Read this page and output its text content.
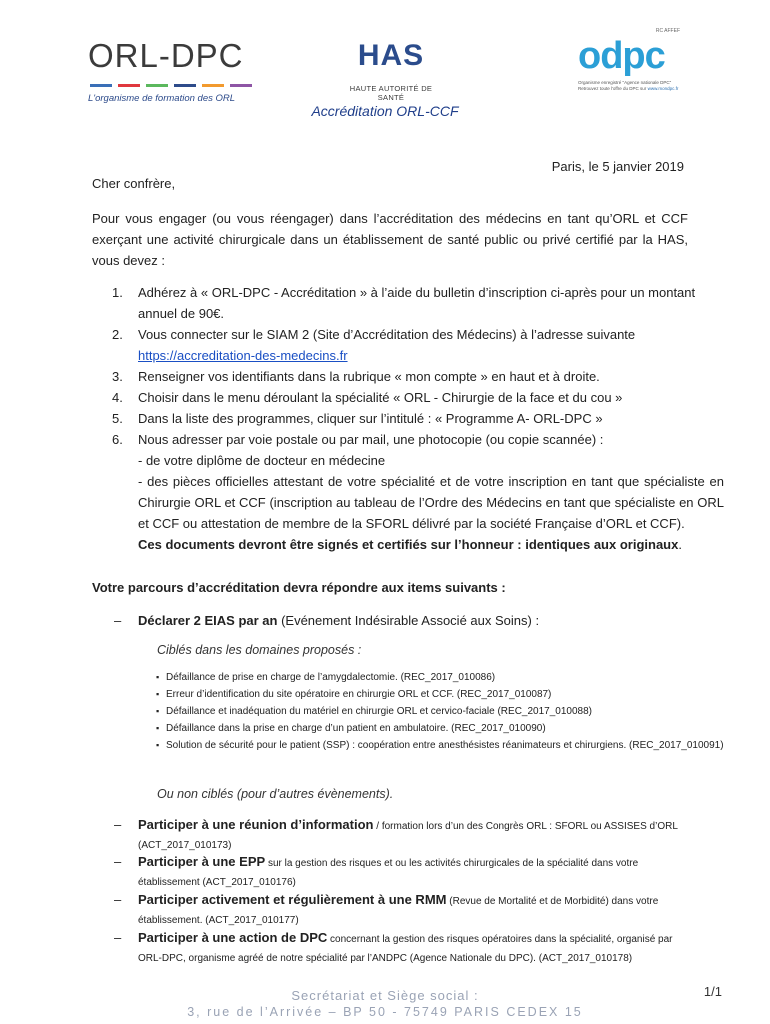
ORL-DPC
L'organisme de formation des ORL
HAS
HAUTE AUTORITÉ DE SANTÉ
RC AFFEF
odpc
Organisme enregistré "Agence nationale DPC"
Retrouvez toute l'offre du DPC sur www.mondpc.fr
Accréditation ORL-CCF
Paris, le 5 janvier 2019
Cher confrère,
Pour vous engager (ou vous réengager) dans l’accréditation des médecins en tant qu’ORL et CCF exerçant une activité chirurgicale dans un établissement de santé public ou privé certifié par la HAS, vous devez :
1. Adhérez à « ORL-DPC - Accréditation » à l’aide du bulletin d’inscription ci-après pour un montant annuel de 90€.
2. Vous connecter sur le SIAM 2 (Site d’Accréditation des Médecins) à l’adresse suivante
https://accreditation-des-medecins.fr
3. Renseigner vos identifiants dans la rubrique « mon compte » en haut et à droite.
4. Choisir dans le menu déroulant la spécialité « ORL - Chirurgie de la face et du cou »
5. Dans la liste des programmes, cliquer sur l’intitulé : « Programme A- ORL-DPC »
6. Nous adresser par voie postale ou par mail, une photocopie (ou copie scannée) :
- de votre diplôme de docteur en médecine
- des pièces officielles attestant de votre spécialité et de votre inscription en tant que spécialiste en Chirurgie ORL et CCF (inscription au tableau de l’Ordre des Médecins en tant que spécialiste en ORL et CCF ou attestation de membre de la SFORL délivré par la société Française d’ORL et CCF).
Ces documents devront être signés et certifiés sur l’honneur : identiques aux originaux.
Votre parcours d’accréditation devra répondre aux items suivants :
– Déclarer 2 EIAS par an (Evénement Indésirable Associé aux Soins) :
Ciblés dans les domaines proposés :
▪ Défaillance de prise en charge de l’amygdalectomie. (REC_2017_010086)
▪ Erreur d’identification du site opératoire en chirurgie ORL et CCF. (REC_2017_010087)
▪ Défaillance et inadéquation du matériel en chirurgie ORL et cervico-faciale (REC_2017_010088)
▪ Défaillance dans la prise en charge d’un patient en ambulatoire. (REC_2017_010090)
▪ Solution de sécurité pour le patient (SSP) : coopération entre anesthésistes réanimateurs et chirurgiens. (REC_2017_010091)
Ou non ciblés (pour d’autres évènements).
– Participer à une réunion d’information / formation lors d’un des Congrès ORL : SFORL ou ASSISES d’ORL
(ACT_2017_010173)
– Participer à une EPP sur la gestion des risques et ou les activités chirurgicales de la spécialité dans votre
établissement (ACT_2017_010176)
– Participer activement et régulièrement à une RMM (Revue de Mortalité et de Morbidité) dans votre
établissement. (ACT_2017_010177)
– Participer à une action de DPC concernant la gestion des risques opératoires dans la spécialité, organisé par
ORL-DPC, organisme agréé de notre spécialité par l’ANDPC (Agence Nationale du DPC). (ACT_2017_010178)
Secrétariat et Siège social :
3, rue de l’Arrivée – BP 50 - 75749 PARIS CEDEX 15
1/1
